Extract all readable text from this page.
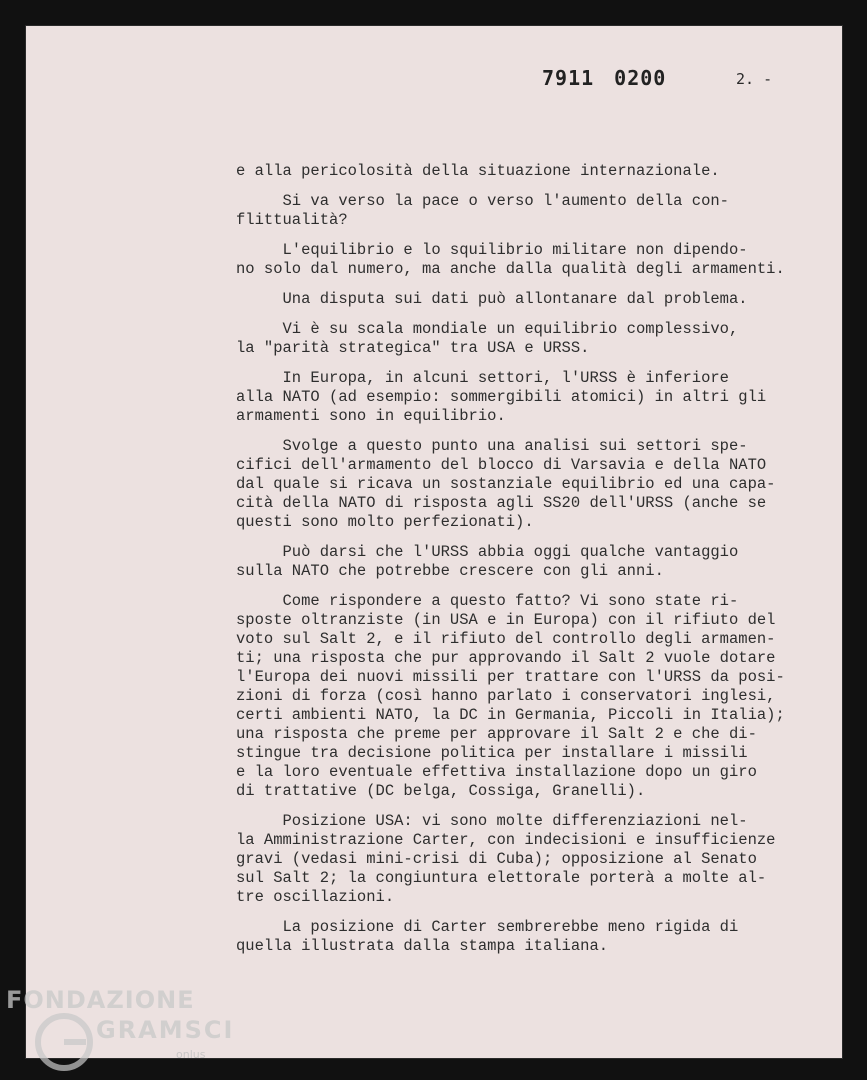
7911 0200	2. -

e alla pericolosità della situazione internazionale.

Si va verso la pace o verso l'aumento della con-
flittualità?

L'equilibrio e lo squilibrio militare non dipendo-
no solo dal numero, ma anche dalla qualità degli armamenti.

Una disputa sui dati può allontanare dal problema.

Vi è su scala mondiale un equilibrio complessivo,
la "parità strategica" tra USA e URSS.

In Europa, in alcuni settori, l'URSS è inferiore
alla NATO (ad esempio: sommergibili atomici) in altri gli
armamenti sono in equilibrio.

Svolge a questo punto una analisi sui settori spe-
cifici dell'armamento del blocco di Varsavia e della NATO
dal quale si ricava un sostanziale equilibrio ed una capa-
cità della NATO di risposta agli SS20 dell'URSS (anche se
questi sono molto perfezionati).

Può darsi che l'URSS abbia oggi qualche vantaggio
sulla NATO che potrebbe crescere con gli anni.

Come rispondere a questo fatto? Vi sono state ri-
sposte oltranziste (in USA e in Europa) con il rifiuto del
voto sul Salt 2, e il rifiuto del controllo degli armamen-
ti; una risposta che pur approvando il Salt 2 vuole dotare
l'Europa dei nuovi missili per trattare con l'URSS da posi-
zioni di forza (così hanno parlato i conservatori inglesi,
certi ambienti NATO, la DC in Germania, Piccoli in Italia);
una risposta che preme per approvare il Salt 2 e che di-
stingue tra decisione politica per installare i missili
e la loro eventuale effettiva installazione dopo un giro
di trattative (DC belga, Cossiga, Granelli).

Posizione USA: vi sono molte differenziazioni nel-
la Amministrazione Carter, con indecisioni e insufficienze
gravi (vedasi mini-crisi di Cuba); opposizione al Senato
sul Salt 2; la congiuntura elettorale porterà a molte al-
tre oscillazioni.

La posizione di Carter sembrerebbe meno rigida di
quella illustrata dalla stampa italiana.

FONDAZIONE
GRAMSCI
onlus
